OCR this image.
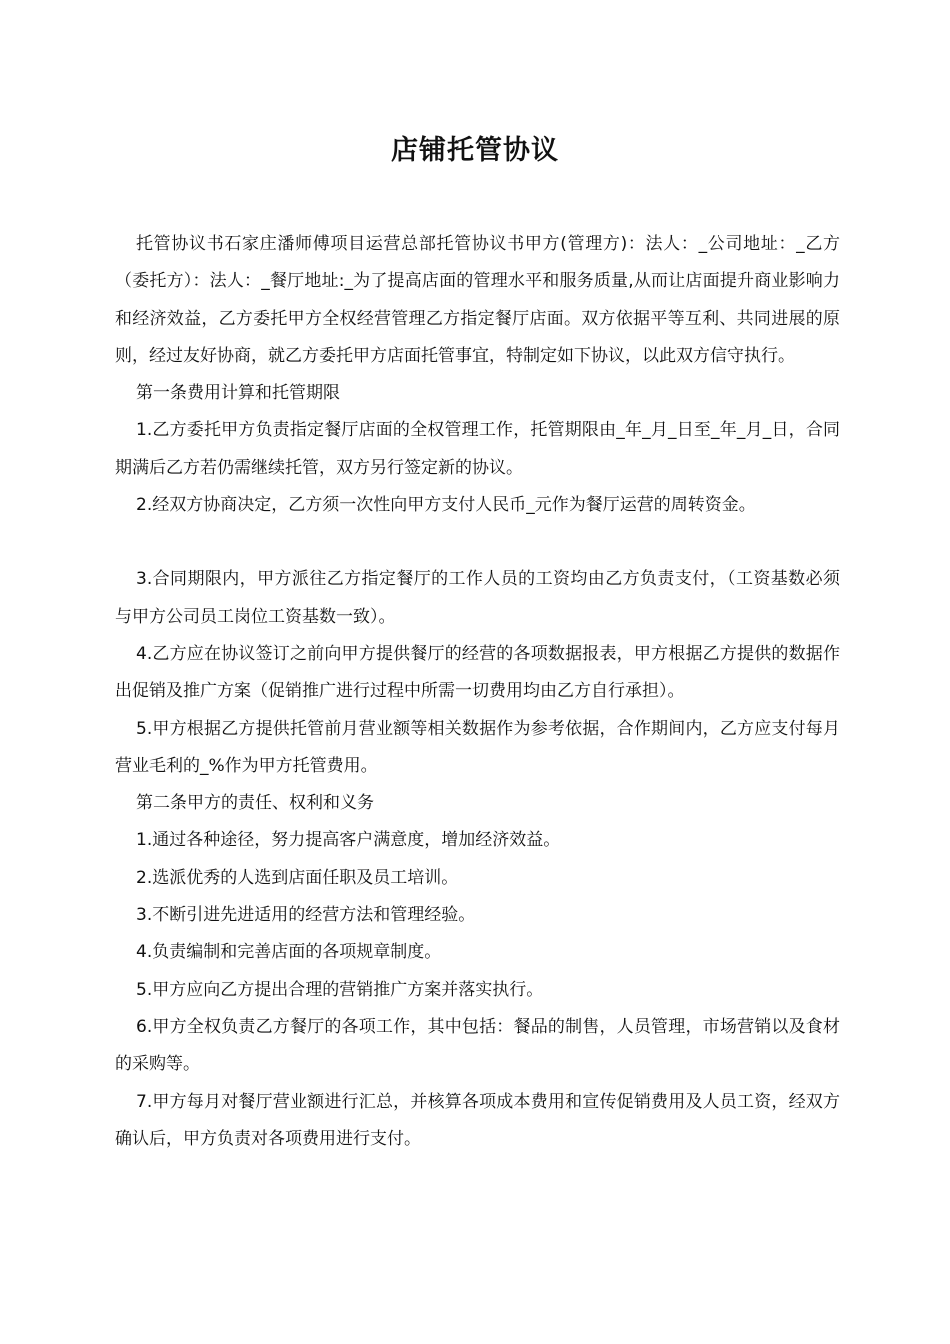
店铺托管协议

托管协议书石家庄潘师傅项目运营总部托管协议书甲方(管理方)：法人：_公司地址：_乙方（委托方）：法人：_餐厅地址:_为了提高店面的管理水平和服务质量,从而让店面提升商业影响力和经济效益，乙方委托甲方全权经营管理乙方指定餐厅店面。双方依据平等互利、共同进展的原则，经过友好协商，就乙方委托甲方店面托管事宜，特制定如下协议，以此双方信守执行。

第一条费用计算和托管期限

1.乙方委托甲方负责指定餐厅店面的全权管理工作，托管期限由_年_月_日至_年_月_日，合同期满后乙方若仍需继续托管，双方另行签定新的协议。

2.经双方协商决定，乙方须一次性向甲方支付人民币_元作为餐厅运营的周转资金。

3.合同期限内，甲方派往乙方指定餐厅的工作人员的工资均由乙方负责支付，（工资基数必须与甲方公司员工岗位工资基数一致）。

4.乙方应在协议签订之前向甲方提供餐厅的经营的各项数据报表，甲方根据乙方提供的数据作出促销及推广方案（促销推广进行过程中所需一切费用均由乙方自行承担）。

5.甲方根据乙方提供托管前月营业额等相关数据作为参考依据，合作期间内，乙方应支付每月营业毛利的_%作为甲方托管费用。

第二条甲方的责任、权利和义务

1.通过各种途径，努力提高客户满意度，增加经济效益。

2.选派优秀的人选到店面任职及员工培训。

3.不断引进先进适用的经营方法和管理经验。

4.负责编制和完善店面的各项规章制度。

5.甲方应向乙方提出合理的营销推广方案并落实执行。

6.甲方全权负责乙方餐厅的各项工作，其中包括：餐品的制售，人员管理，市场营销以及食材的采购等。

7.甲方每月对餐厅营业额进行汇总，并核算各项成本费用和宣传促销费用及人员工资，经双方确认后，甲方负责对各项费用进行支付。
